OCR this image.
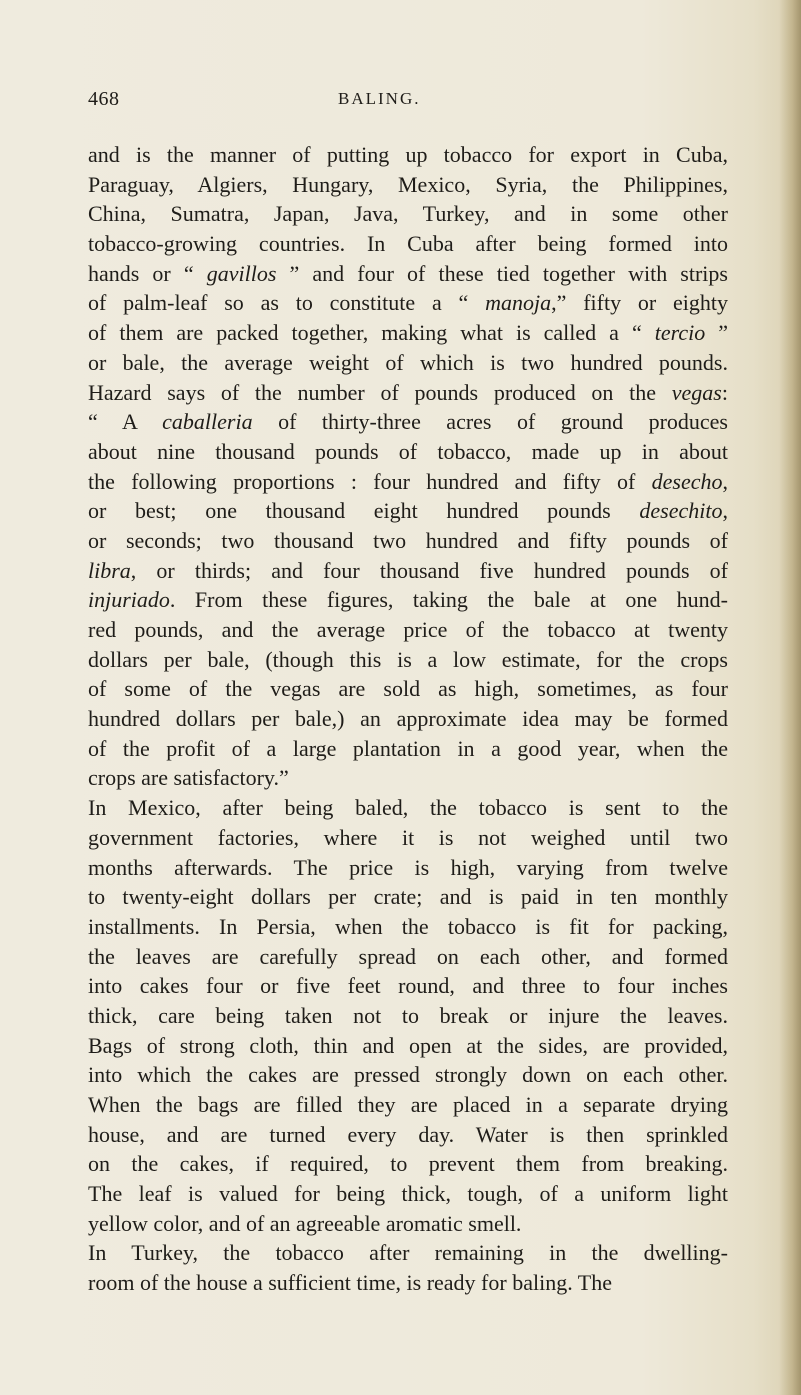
468	BALING.
and is the manner of putting up tobacco for export in Cuba,
Paraguay, Algiers, Hungary, Mexico, Syria, the Philippines,
China, Sumatra, Japan, Java, Turkey, and in some other
tobacco-growing countries. In Cuba after being formed into
hands or “ gavillos ” and four of these tied together with strips
of palm-leaf so as to constitute a “ manoja,” fifty or eighty
of them are packed together, making what is called a “ tercio ”
or bale, the average weight of which is two hundred pounds.
Hazard says of the number of pounds produced on the vegas:
“ A caballeria of thirty-three acres of ground produces
about nine thousand pounds of tobacco, made up in about
the following proportions : four hundred and fifty of desecho,
or best; one thousand eight hundred pounds desechito,
or seconds; two thousand two hundred and fifty pounds of
libra, or thirds; and four thousand five hundred pounds of
injuriado. From these figures, taking the bale at one hund-
red pounds, and the average price of the tobacco at twenty
dollars per bale, (though this is a low estimate, for the crops
of some of the vegas are sold as high, sometimes, as four
hundred dollars per bale,) an approximate idea may be formed
of the profit of a large plantation in a good year, when the
crops are satisfactory.”
In Mexico, after being baled, the tobacco is sent to the
government factories, where it is not weighed until two
months afterwards. The price is high, varying from twelve
to twenty-eight dollars per crate; and is paid in ten monthly
installments. In Persia, when the tobacco is fit for packing,
the leaves are carefully spread on each other, and formed
into cakes four or five feet round, and three to four inches
thick, care being taken not to break or injure the leaves.
Bags of strong cloth, thin and open at the sides, are provided,
into which the cakes are pressed strongly down on each other.
When the bags are filled they are placed in a separate drying
house, and are turned every day. Water is then sprinkled
on the cakes, if required, to prevent them from breaking.
The leaf is valued for being thick, tough, of a uniform light
yellow color, and of an agreeable aromatic smell.
In Turkey, the tobacco after remaining in the dwelling-
room of the house a sufficient time, is ready for baling. The
